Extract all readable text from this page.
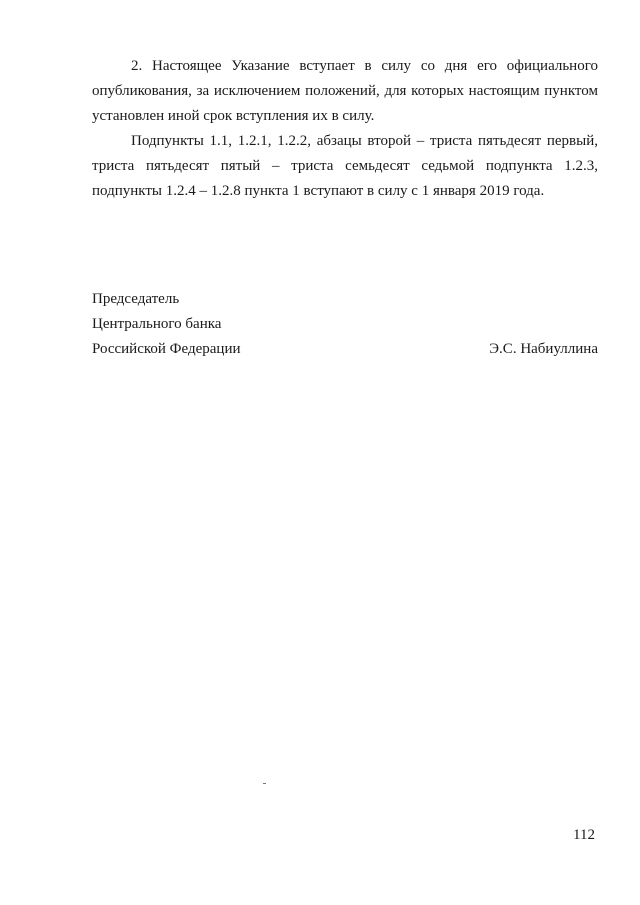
2. Настоящее Указание вступает в силу со дня его официального опубликования, за исключением положений, для которых настоящим пунктом установлен иной срок вступления их в силу.

Подпункты 1.1, 1.2.1, 1.2.2, абзацы второй – триста пятьдесят первый, триста пятьдесят пятый – триста семьдесят седьмой подпункта 1.2.3, подпункты 1.2.4 – 1.2.8 пункта 1 вступают в силу с 1 января 2019 года.

Председатель
Центрального банка
Российской Федерации	Э.С. Набиуллина
112
